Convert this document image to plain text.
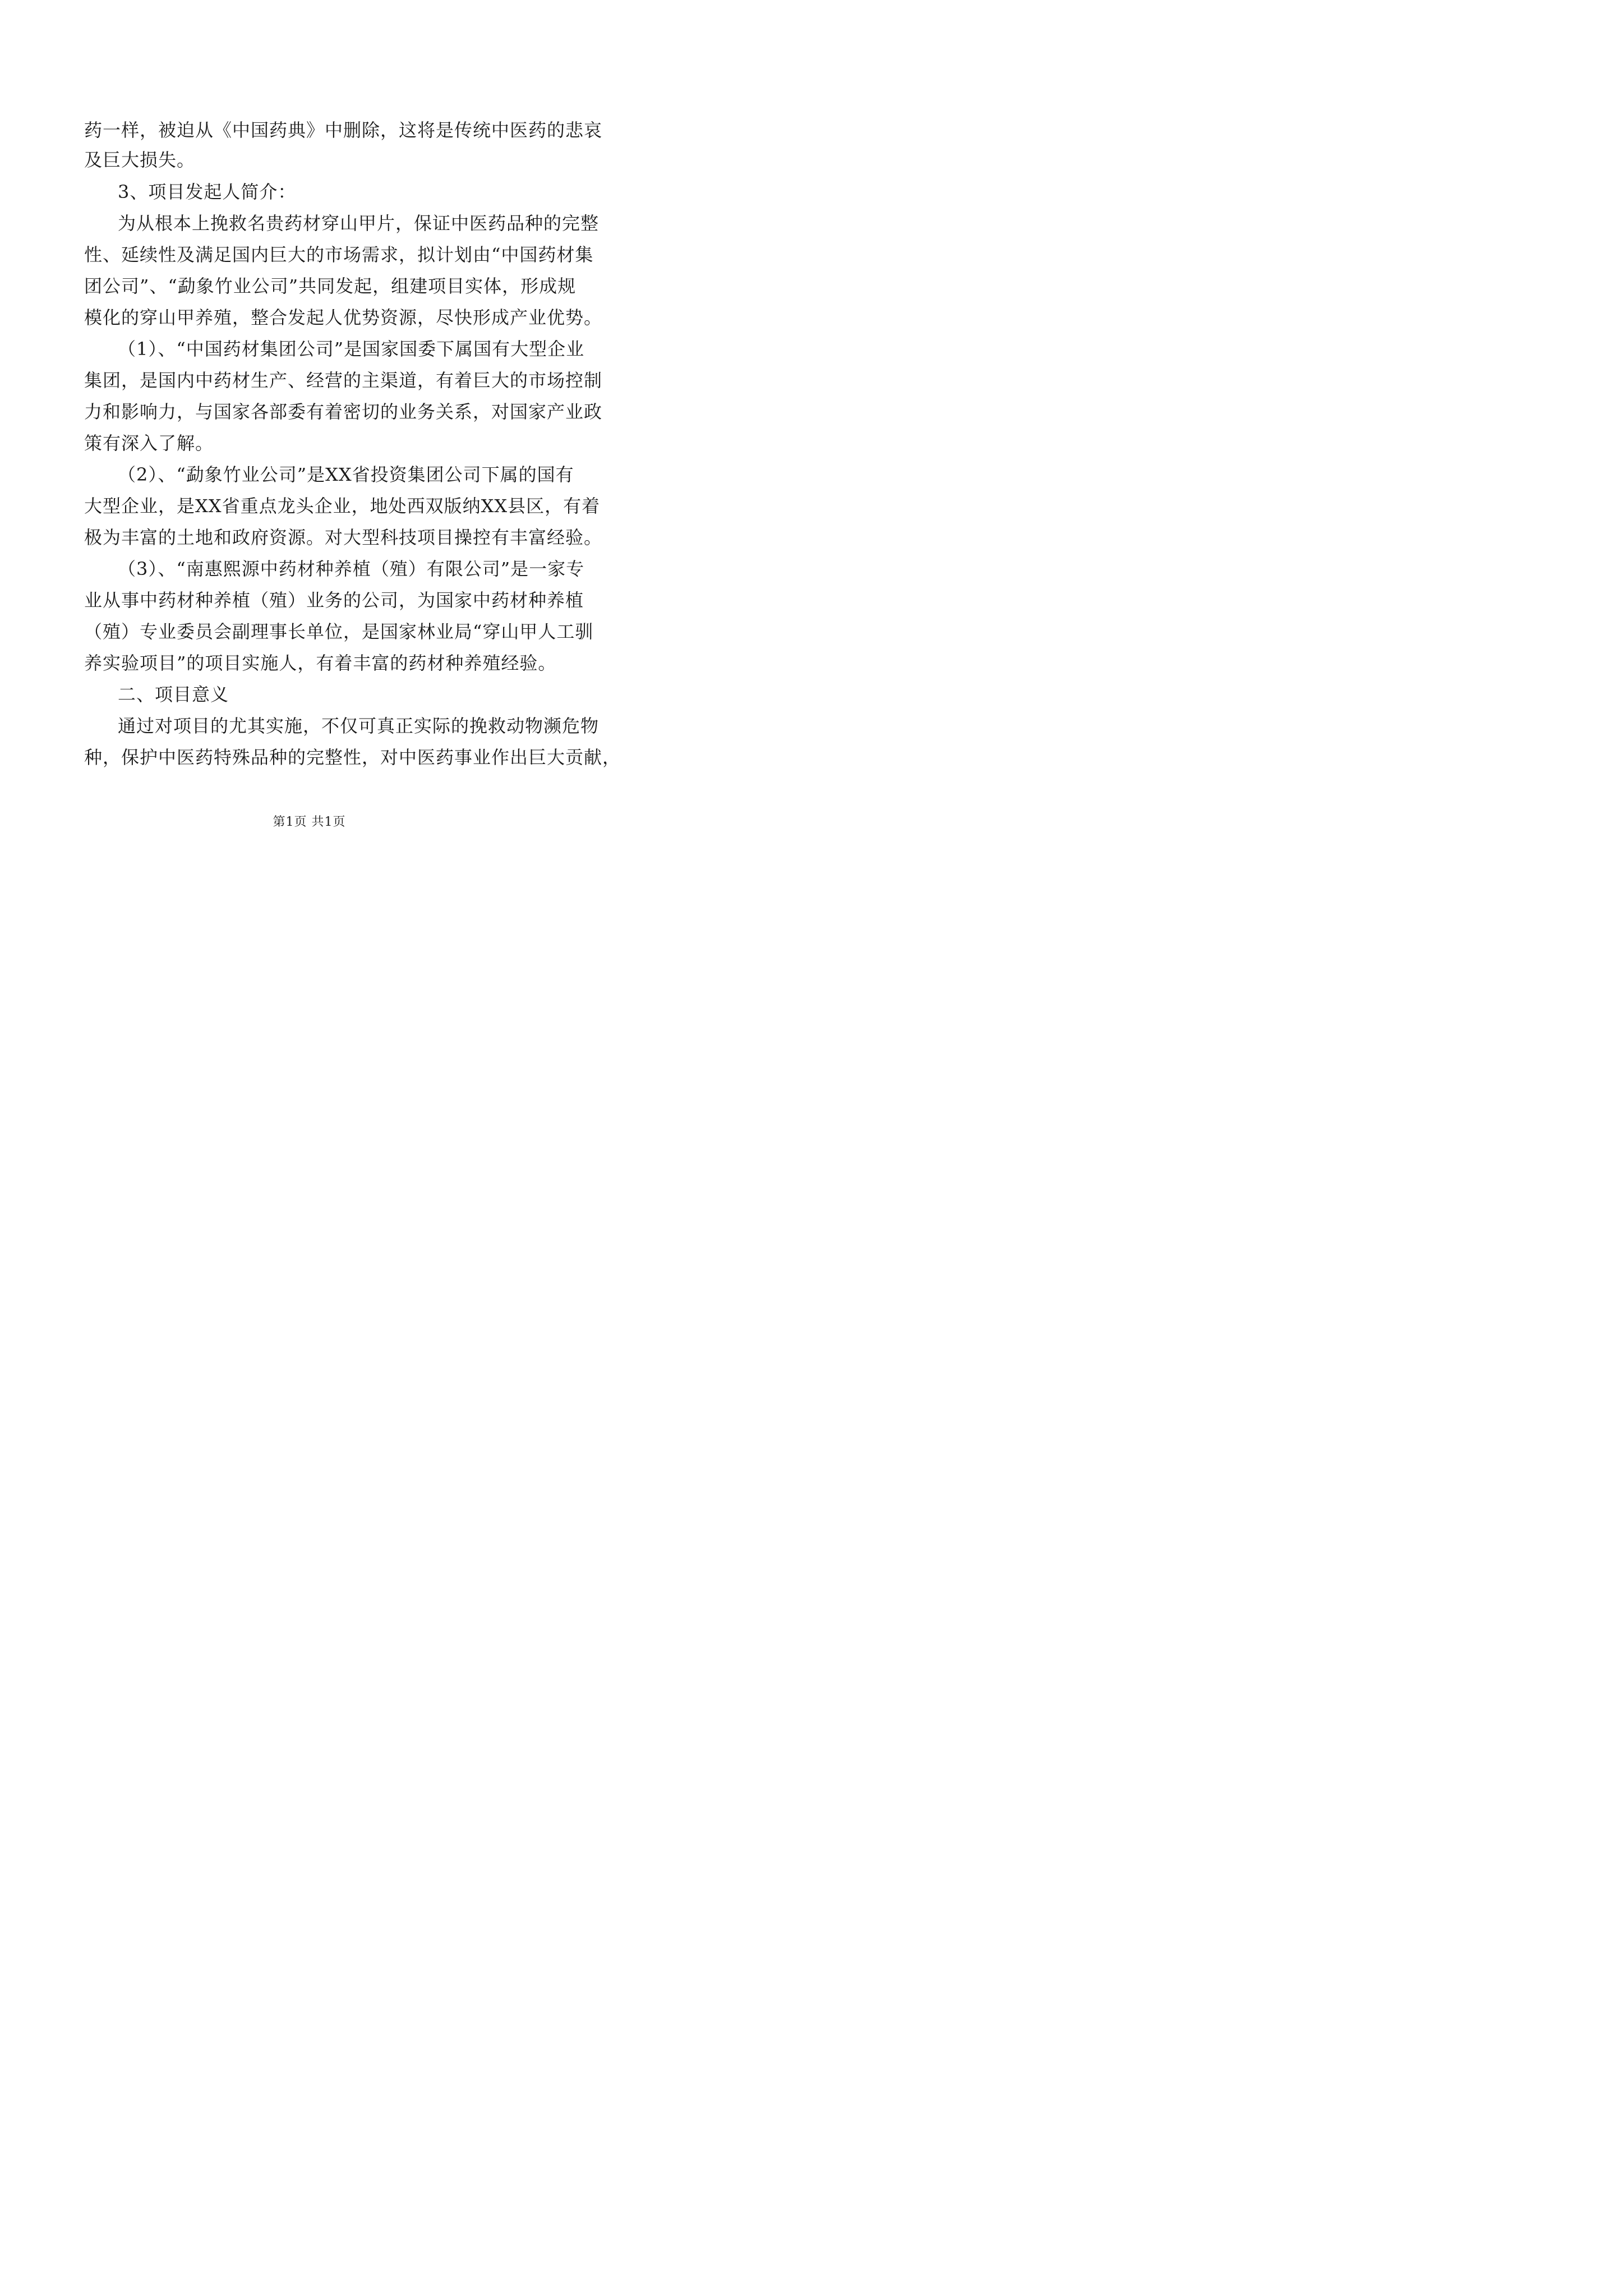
药一样，被迫从《中国药典》中删除，这将是传统中医药的悲哀
及巨大损失。
3、项目发起人简介：
为从根本上挽救名贵药材穿山甲片，保证中医药品种的完整
性、延续性及满足国内巨大的市场需求，拟计划由“中国药材集
团公司”、“勐象竹业公司”共同发起，组建项目实体，形成规
模化的穿山甲养殖，整合发起人优势资源，尽快形成产业优势。
（1）、“中国药材集团公司”是国家国委下属国有大型企业
集团，是国内中药材生产、经营的主渠道，有着巨大的市场控制
力和影响力，与国家各部委有着密切的业务关系，对国家产业政
策有深入了解。
（2）、“勐象竹业公司”是XX省投资集团公司下属的国有
大型企业，是XX省重点龙头企业，地处西双版纳XX县区，有着
极为丰富的土地和政府资源。对大型科技项目操控有丰富经验。
（3）、“南惠熙源中药材种养植（殖）有限公司”是一家专
业从事中药材种养植（殖）业务的公司，为国家中药材种养植
（殖）专业委员会副理事长单位，是国家林业局“穿山甲人工驯
养实验项目”的项目实施人，有着丰富的药材种养殖经验。
二、项目意义
通过对项目的尤其实施，不仅可真正实际的挽救动物濒危物
种，保护中医药特殊品种的完整性，对中医药事业作出巨大贡献，
第1页 共1页
